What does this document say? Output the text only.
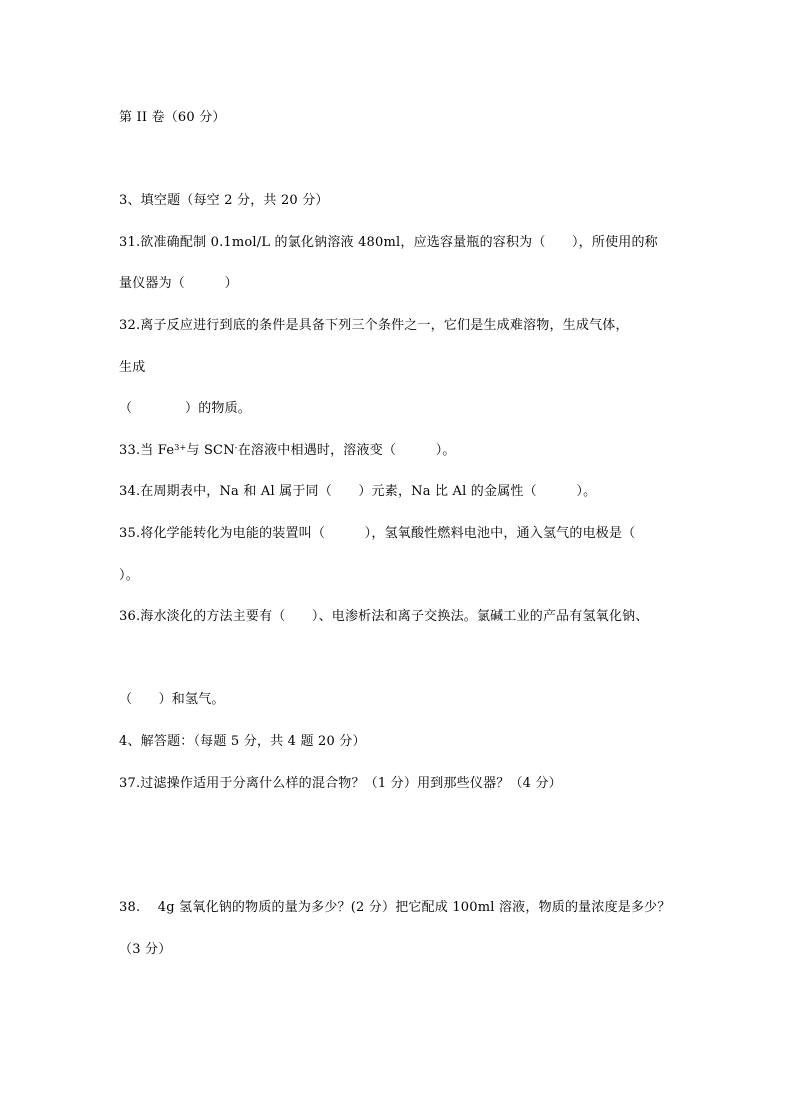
第 II 卷（60 分）
3、填空题（每空 2 分，共 20 分）
31.欲准确配制 0.1mol/L 的氯化钠溶液 480ml，应选容量瓶的容积为（　　），所使用的称
量仪器为（　　　）
32.离子反应进行到底的条件是具备下列三个条件之一，它们是生成难溶物，生成气体，
生成
（　　　　）的物质。
33.当 $Fe^{3+}$与 SCN-在溶液中相遇时，溶液变（　　　）。
34.在周期表中，Na 和 Al 属于同（　　）元素，Na 比 Al 的金属性（　　　）。
35.将化学能转化为电能的装置叫（　　　），氢氧酸性燃料电池中，通入氢气的电极是（
）。
36.海水淡化的方法主要有（　　）、电渗析法和离子交换法。氯碱工业的产品有氢氧化钠、
（　　）和氢气。
4、解答题：（每题 5 分，共 4 题 20 分）
37.过滤操作适用于分离什么样的混合物？（1 分）用到那些仪器？（4 分）
38.　 4g 氢氧化钠的物质的量为多少？(2 分）把它配成 100ml 溶液，物质的量浓度是多少？
（3 分）
